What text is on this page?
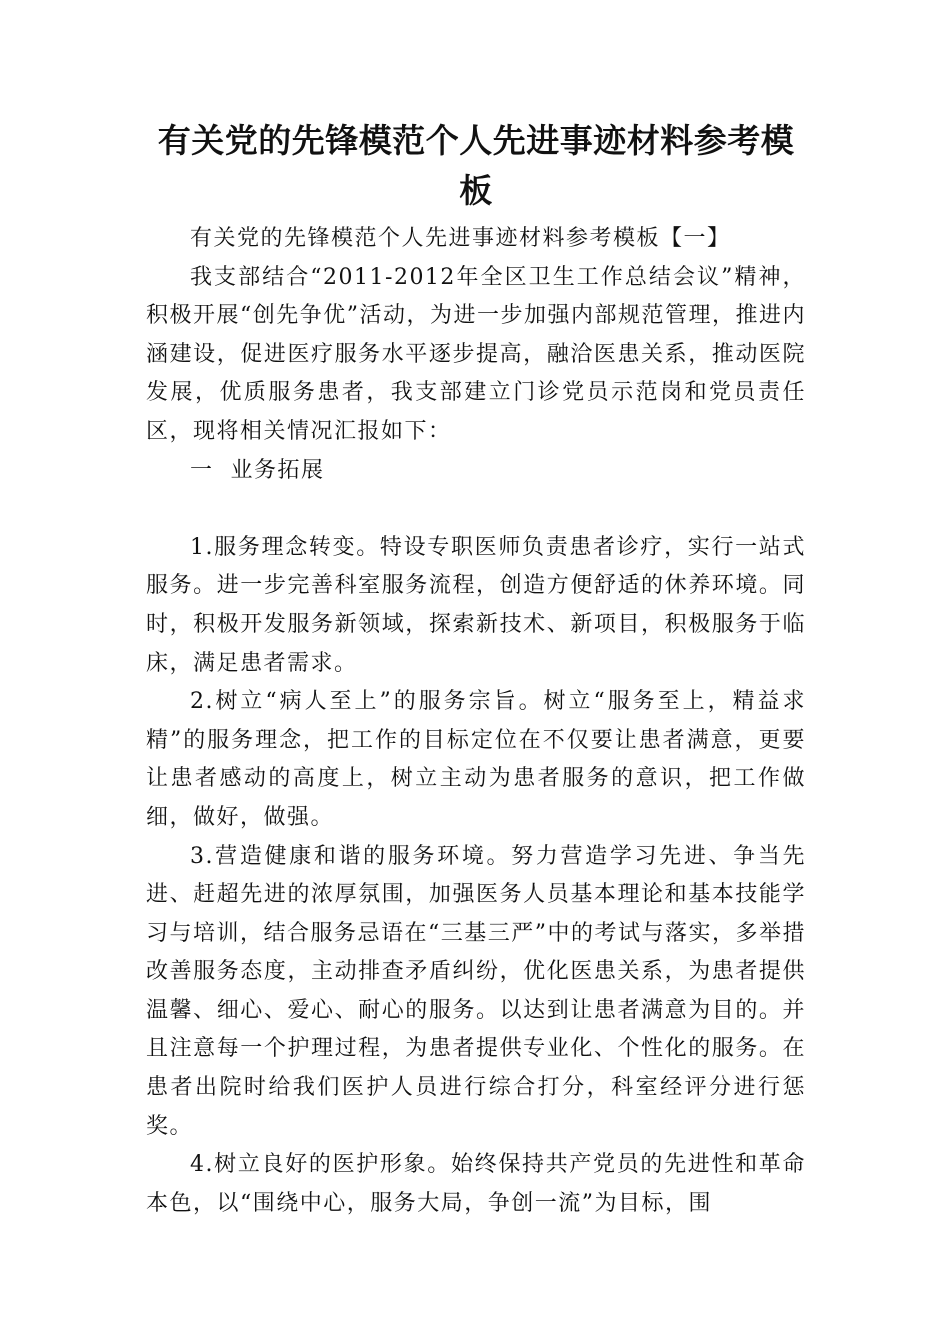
有关党的先锋模范个人先进事迹材料参考模板

有关党的先锋模范个人先进事迹材料参考模板【一】

我支部结合“2011-2012年全区卫生工作总结会议”精神，积极开展“创先争优”活动，为进一步加强内部规范管理，推进内涵建设，促进医疗服务水平逐步提高，融洽医患关系，推动医院发展，优质服务患者，我支部建立门诊党员示范岗和党员责任区，现将相关情况汇报如下：

一  业务拓展

1.服务理念转变。特设专职医师负责患者诊疗，实行一站式服务。进一步完善科室服务流程，创造方便舒适的休养环境。同时，积极开发服务新领域，探索新技术、新项目，积极服务于临床，满足患者需求。

2.树立“病人至上”的服务宗旨。树立“服务至上，精益求精”的服务理念，把工作的目标定位在不仅要让患者满意，更要让患者感动的高度上，树立主动为患者服务的意识，把工作做细，做好，做强。

3.营造健康和谐的服务环境。努力营造学习先进、争当先进、赶超先进的浓厚氛围，加强医务人员基本理论和基本技能学习与培训，结合服务忌语在“三基三严”中的考试与落实，多举措改善服务态度，主动排查矛盾纠纷，优化医患关系，为患者提供温馨、细心、爱心、耐心的服务。以达到让患者满意为目的。并且注意每一个护理过程，为患者提供专业化、个性化的服务。在患者出院时给我们医护人员进行综合打分，科室经评分进行惩奖。

4.树立良好的医护形象。始终保持共产党员的先进性和革命本色，以“围绕中心，服务大局，争创一流”为目标，围
